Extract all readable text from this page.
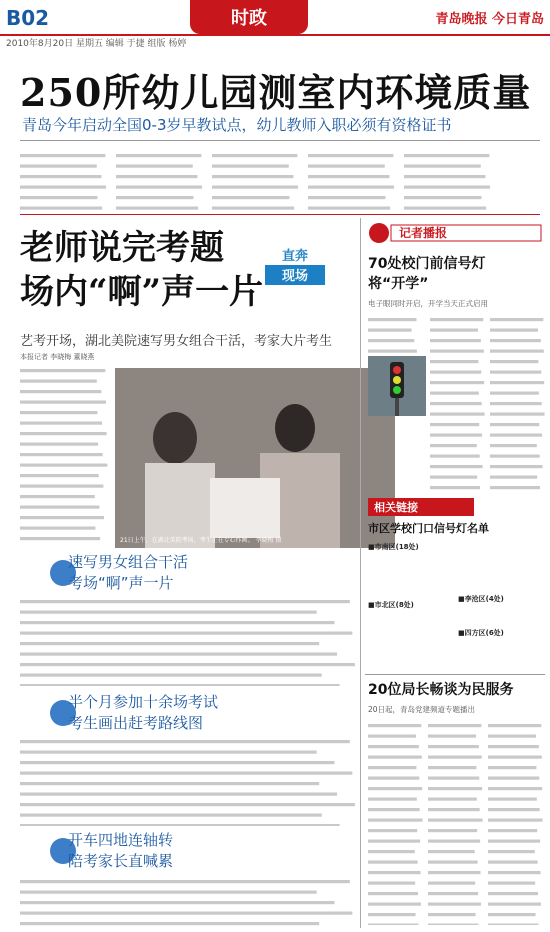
B02	时政	青岛晚报 今日青岛
2010年8月20日 星期五 编辑 于捷 组版 杨婷
250所幼儿园测室内环境质量
青岛今年启动全国0-3岁早教试点，幼儿教师入职必须有资格证书
老师说完考题
场内“啊”声一片
直奔
现场
艺考开场，湖北美院速写男女组合干活，考家大片考生
本报记者 李晓梅 董晓燕
21日上午，在湖北美院考场，考生正在专心作画。 李晓梅 摄
速写男女组合干活
考场“啊”声一片
半个月参加十余场考试
考生画出赶考路线图
开车四地连轴转
陪考家长直喊累
记者播报
70处校门前信号灯
将“开学”
电子眼同时开启，开学当天正式启用
相关链接
市区学校门口信号灯名单
■市南区(18处)
■市北区(8处)
■李沧区(4处)
■四方区(6处)
20位局长畅谈为民服务
20日起，青岛党建频道专题播出
